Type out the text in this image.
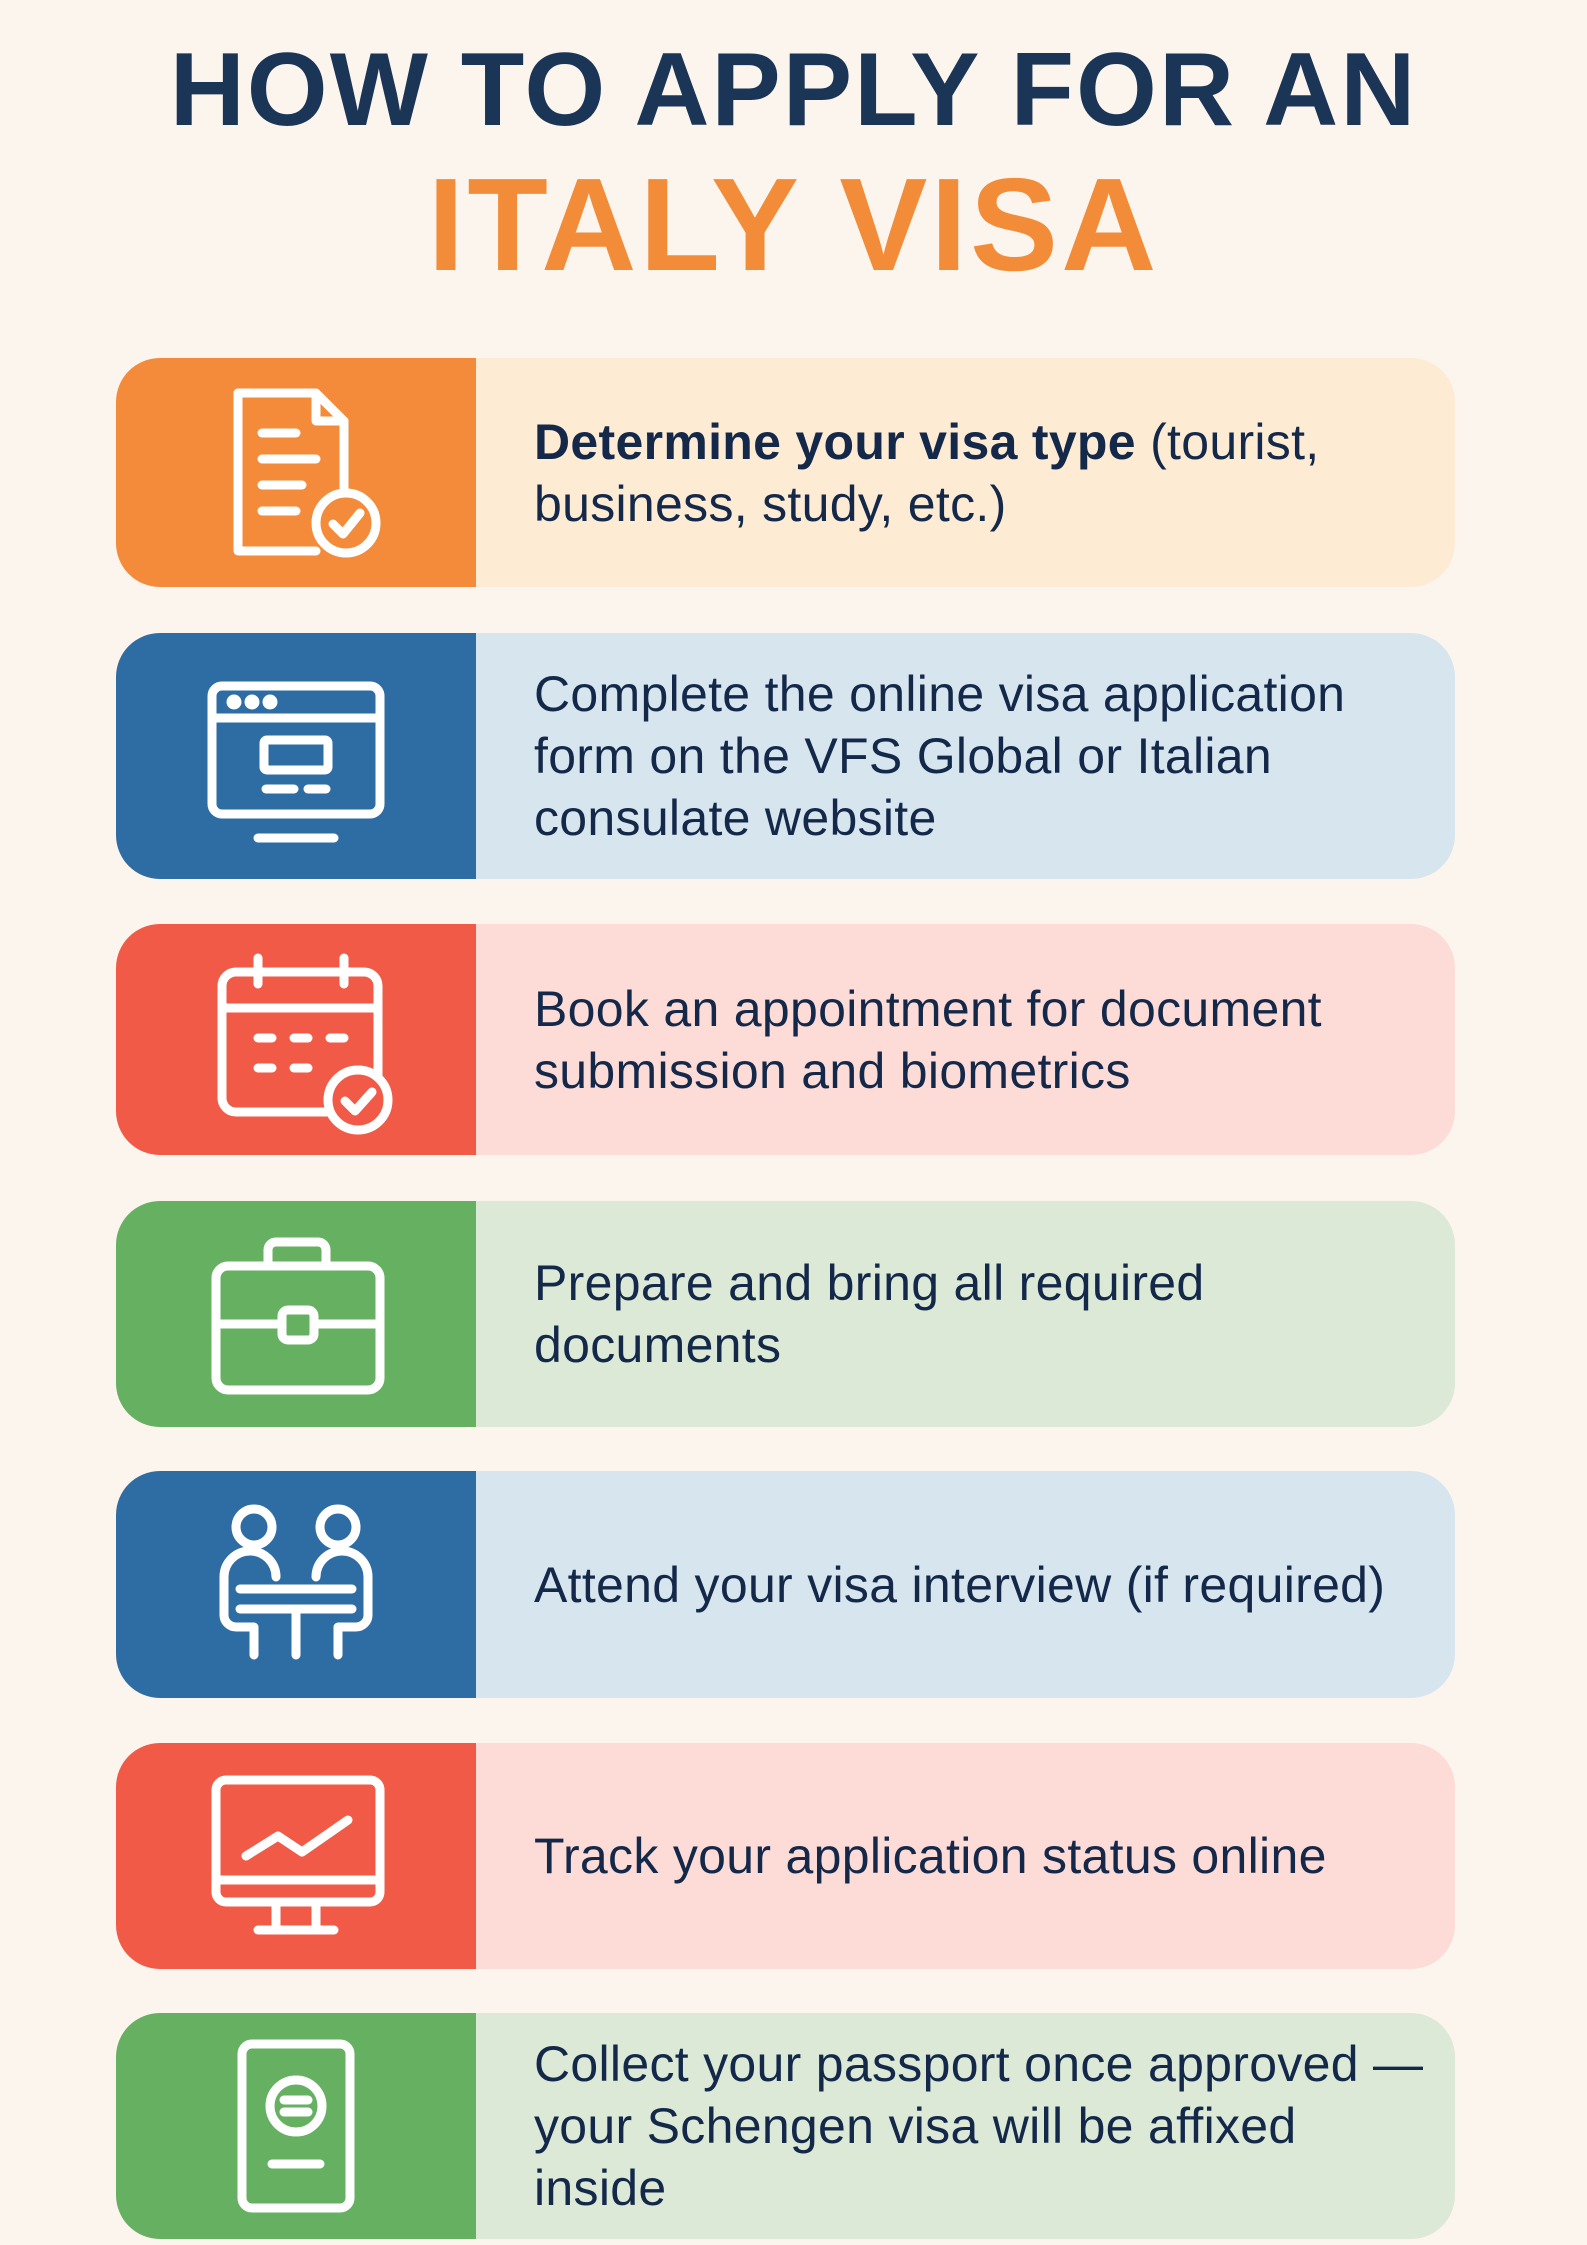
HOW TO APPLY FOR AN
ITALY VISA
Determine your visa type (tourist, business, study, etc.)
Complete the online visa application form on the VFS Global or Italian consulate website
Book an appointment for document submission and biometrics
Prepare and bring all required documents
Attend your visa interview (if required)
Track your application status online
Collect your passport once approved — your Schengen visa will be affixed inside
